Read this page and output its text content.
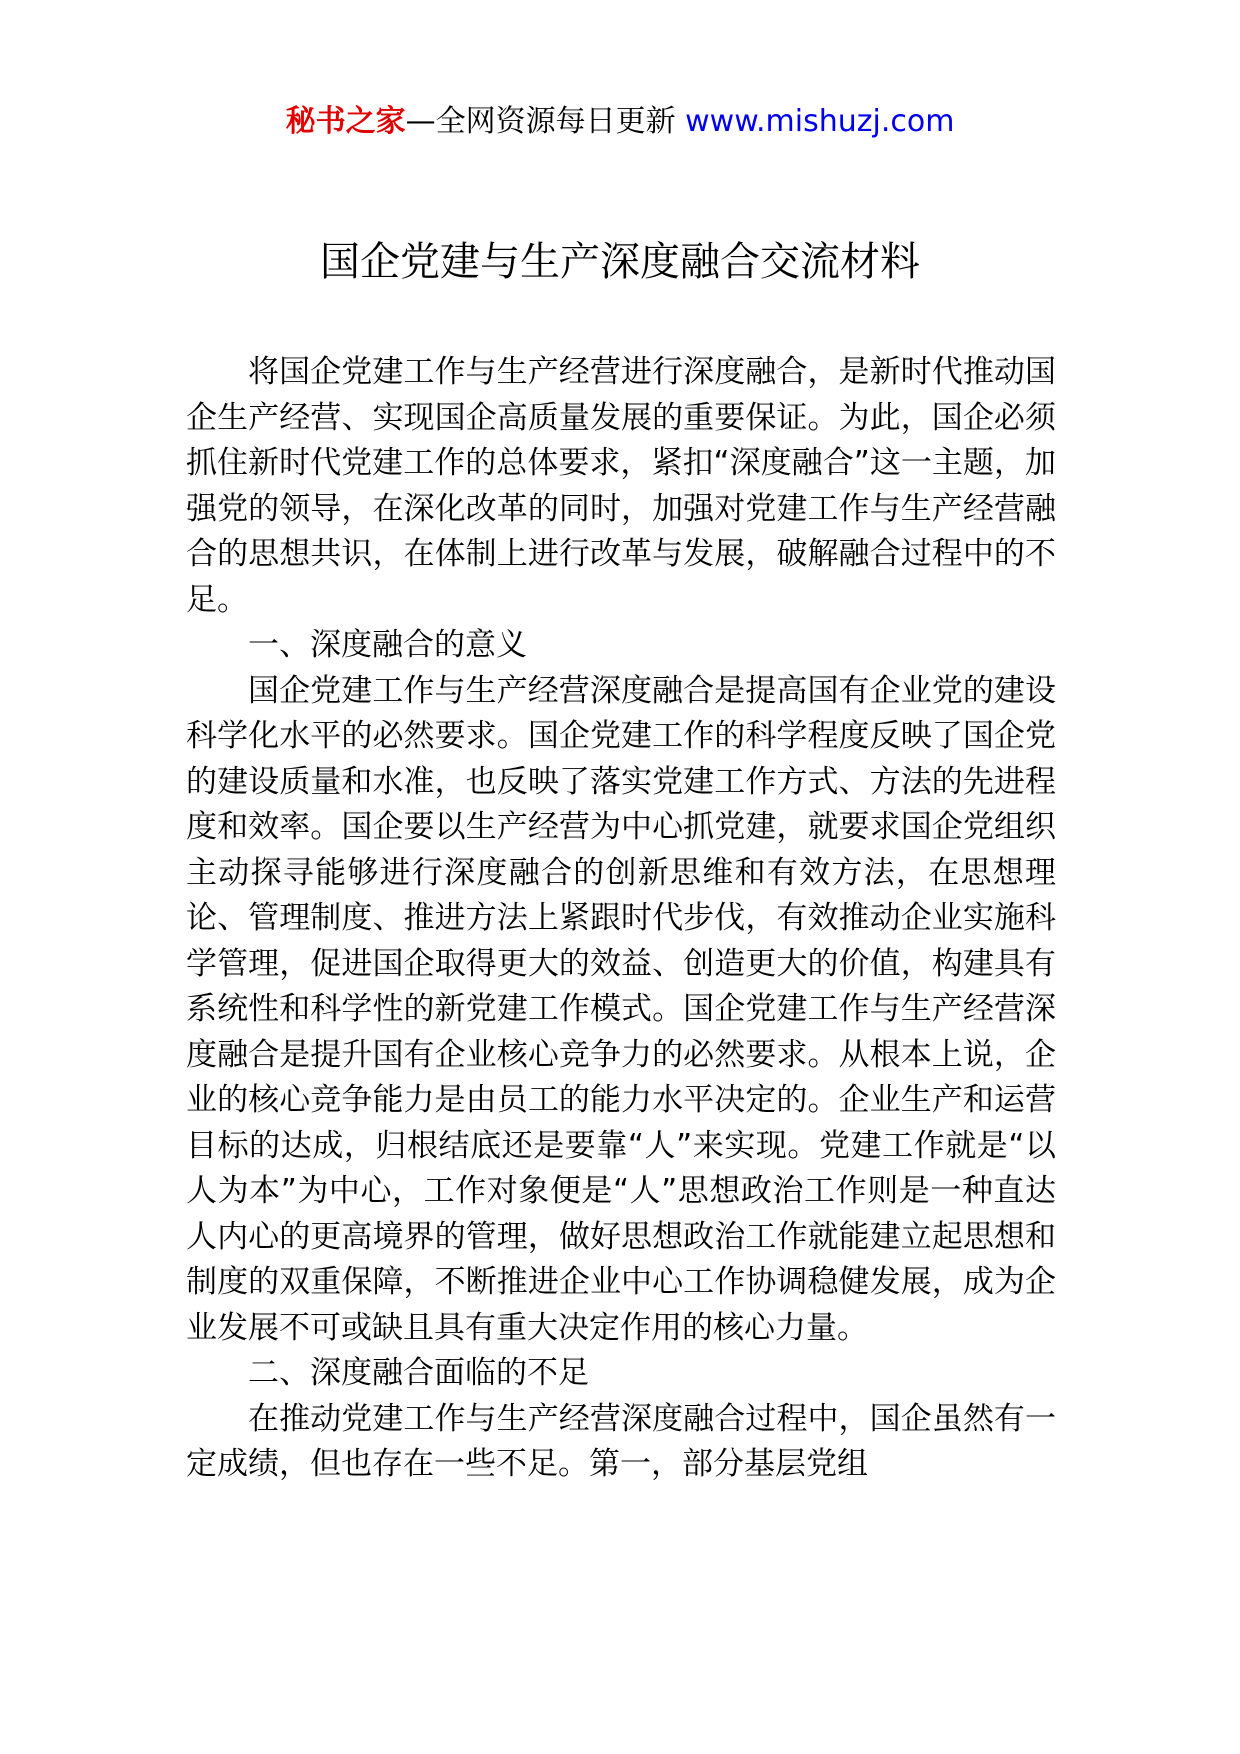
秘书之家—全网资源每日更新 www.mishuzj.com
国企党建与生产深度融合交流材料

将国企党建工作与生产经营进行深度融合，是新时代推动国企生产经营、实现国企高质量发展的重要保证。为此，国企必须抓住新时代党建工作的总体要求，紧扣“深度融合”这一主题，加强党的领导，在深化改革的同时，加强对党建工作与生产经营融合的思想共识，在体制上进行改革与发展，破解融合过程中的不足。

一、深度融合的意义

国企党建工作与生产经营深度融合是提高国有企业党的建设科学化水平的必然要求。国企党建工作的科学程度反映了国企党的建设质量和水准，也反映了落实党建工作方式、方法的先进程度和效率。国企要以生产经营为中心抓党建，就要求国企党组织主动探寻能够进行深度融合的创新思维和有效方法，在思想理论、管理制度、推进方法上紧跟时代步伐，有效推动企业实施科学管理，促进国企取得更大的效益、创造更大的价值，构建具有系统性和科学性的新党建工作模式。国企党建工作与生产经营深度融合是提升国有企业核心竞争力的必然要求。从根本上说，企业的核心竞争能力是由员工的能力水平决定的。企业生产和运营目标的达成，归根结底还是要靠“人”来实现。党建工作就是“以人为本”为中心，工作对象便是“人”思想政治工作则是一种直达人内心的更高境界的管理，做好思想政治工作就能建立起思想和制度的双重保障，不断推进企业中心工作协调稳健发展，成为企业发展不可或缺且具有重大决定作用的核心力量。

二、深度融合面临的不足

在推动党建工作与生产经营深度融合过程中，国企虽然有一定成绩，但也存在一些不足。第一，部分基层党组
